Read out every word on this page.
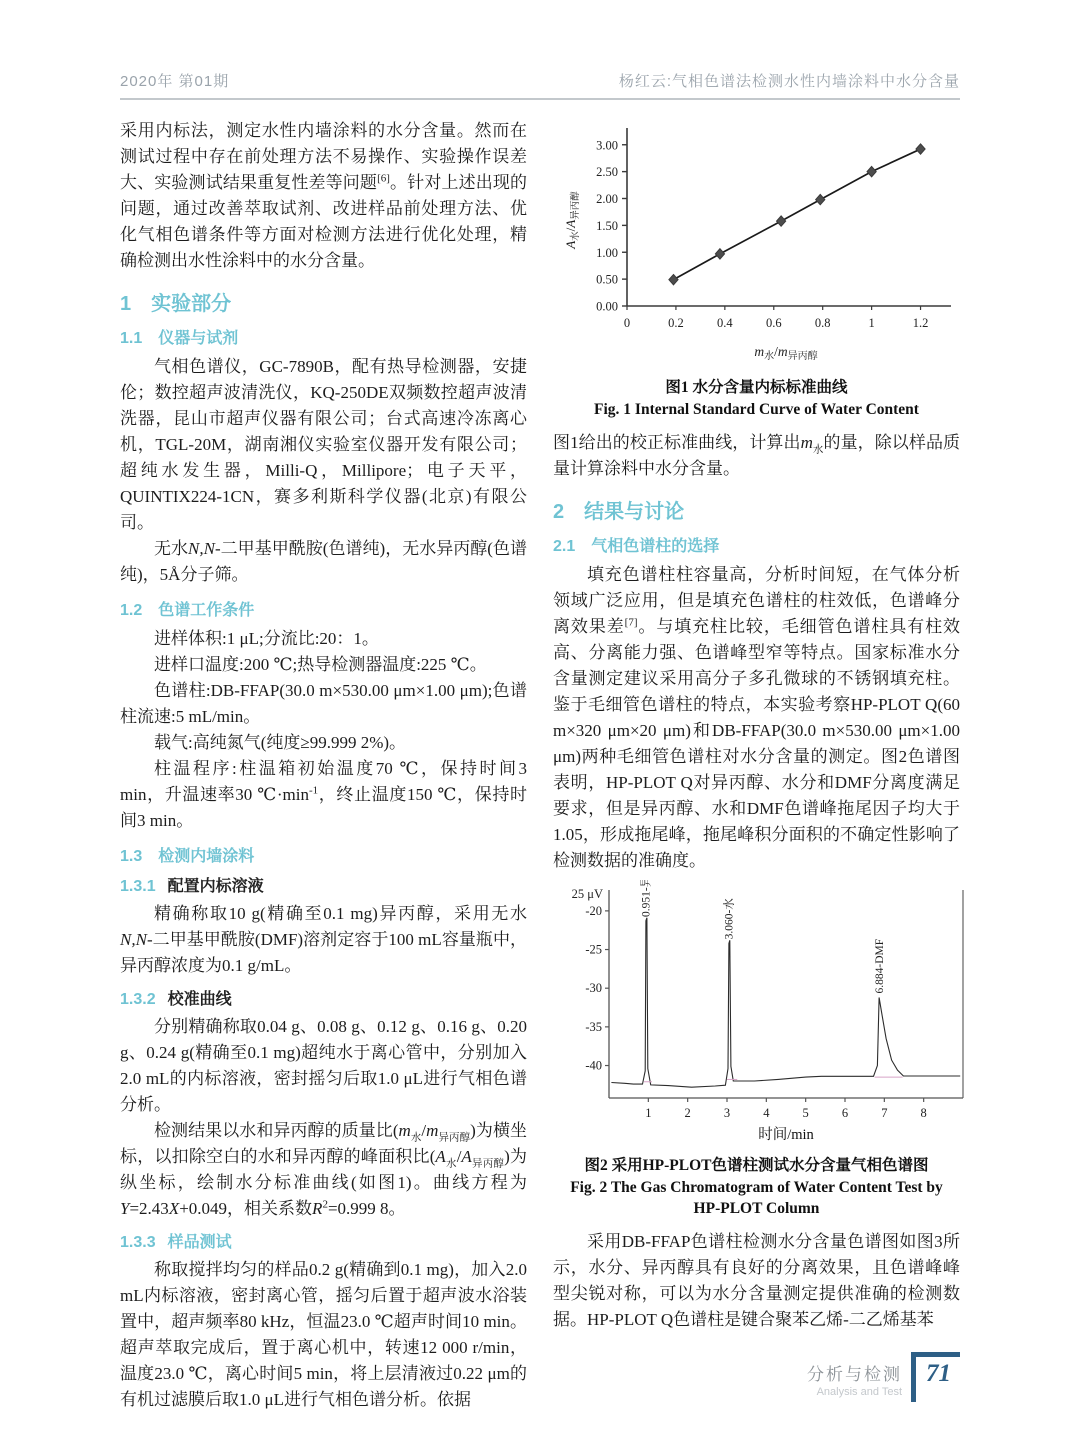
2020年 第01期	杨红云:气相色谱法检测水性内墙涂料中水分含量

采用内标法，测定水性内墙涂料的水分含量。然而在测试过程中存在前处理方法不易操作、实验操作误差大、实验测试结果重复性差等问题[6]。针对上述出现的问题，通过改善萃取试剂、改进样品前处理方法、优化气相色谱条件等方面对检测方法进行优化处理，精确检测出水性涂料中的水分含量。

1　实验部分
1.1　仪器与试剂

气相色谱仪，GC-7890B，配有热导检测器，安捷伦；数控超声波清洗仪，KQ-250DE双频数控超声波清洗器，昆山市超声仪器有限公司；台式高速冷冻离心机，TGL-20M，湖南湘仪实验室仪器开发有限公司；超纯水发生器，Milli-Q，Millipore；电子天平，QUINTIX224-1CN，赛多利斯科学仪器(北京)有限公司。

无水N,N-二甲基甲酰胺(色谱纯)，无水异丙醇(色谱纯)，5Å分子筛。

1.2　色谱工作条件

进样体积:1 μL;分流比:20：1。

进样口温度:200 ℃;热导检测器温度:225 ℃。

色谱柱:DB-FFAP(30.0 m×530.00 μm×1.00 μm);色谱柱流速:5 mL/min。

载气:高纯氮气(纯度≥99.999 2%)。

柱温程序:柱温箱初始温度70 ℃，保持时间3 min，升温速率30 $℃\cdot\min^{-1}$，终止温度150 ℃，保持时间3 min。

1.3　检测内墙涂料
1.3.1 配置内标溶液

精确称取10 g(精确至0.1 mg)异丙醇，采用无水N,N-二甲基甲酰胺(DMF)溶剂定容于100 mL容量瓶中，异丙醇浓度为0.1 g/mL。

1.3.2 校准曲线

分别精确称取0.04 g、0.08 g、0.12 g、0.16 g、0.20 g、0.24 g(精确至0.1 mg)超纯水于离心管中，分别加入2.0 mL的内标溶液，密封摇匀后取1.0 μL进行气相色谱分析。

检测结果以水和异丙醇的质量比$(m_水/m_{异丙醇})$为横坐标，以扣除空白的水和异丙醇的峰面积比$(A_水/A_{异丙醇})$为纵坐标，绘制水分标准曲线(如图1)。曲线方程为Y=2.43X+0.049，相关系数$R^2=0.999$ 8。

1.3.3 样品测试

称取搅拌均匀的样品0.2 g(精确到0.1 mg)，加入2.0 mL内标溶液，密封离心管，摇匀后置于超声波水浴装置中，超声频率80 kHz，恒温23.0 ℃超声时间10 min。超声萃取完成后，置于离心机中，转速12 000 r/min，温度23.0 ℃，离心时间5 min，将上层清液过0.22 μm的有机过滤膜后取1.0 μL进行气相色谱分析。依据

0.00
0.50
1.00
1.50
2.00
2.50
3.00
0	0.2	0.4	0.6	0.8	1	1.2
$A_水/A_{异丙醇}$
$m_水/m_{异丙醇}$
图1 水分含量内标标准曲线
Fig. 1 Internal Standard Curve of Water Content

图1给出的校正标准曲线，计算出$m_水$的量，除以样品质量计算涂料中水分含量。

2　结果与讨论
2.1　气相色谱柱的选择

填充色谱柱柱容量高，分析时间短，在气体分析领域广泛应用，但是填充色谱柱的柱效低，色谱峰分离效果差[7]。与填充柱比较，毛细管色谱柱具有柱效高、分离能力强、色谱峰型窄等特点。国家标准水分含量测定建议采用高分子多孔微球的不锈钢填充柱。鉴于毛细管色谱柱的特点，本实验考察HP-PLOT Q(60 m×320 μm×20 μm)和DB-FFAP(30.0 m×530.00 μm×1.00 μm)两种毛细管色谱柱对水分含量的测定。图2色谱图表明，HP-PLOT Q对异丙醇、水分和DMF分离度满足要求，但是异丙醇、水和DMF色谱峰拖尾因子均大于1.05，形成拖尾峰，拖尾峰积分面积的不确定性影响了检测数据的准确度。

25 μV
-20
-25
-30
-35
-40
1	2	3	4	5	6	7	8
时间/min
0.951-异丙醇
3.060-水
6.884-DMF
图2 采用HP-PLOT色谱柱测试水分含量气相色谱图
Fig. 2 The Gas Chromatogram of Water Content Test by HP-PLOT Column

采用DB-FFAP色谱柱检测水分含量色谱图如图3所示，水分、异丙醇具有良好的分离效果，且色谱峰峰型尖锐对称，可以为水分含量测定提供准确的检测数据。HP-PLOT Q色谱柱是键合聚苯乙烯-二乙烯基苯

分析与检测
Analysis and Test
71
